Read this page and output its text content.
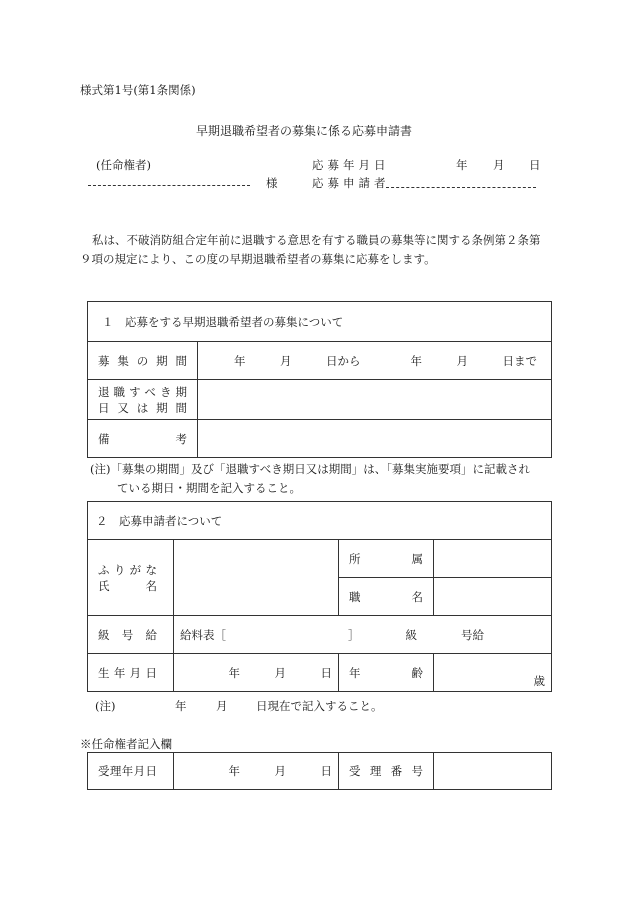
様式第1号(第1条関係)
早期退職希望者の募集に係る応募申請書
(任命権者)
様
応募年月日	年 月 日
応募申請者
私は、不破消防組合定年前に退職する意思を有する職員の募集等に関する条例第２条第
９項の規定により、この度の早期退職希望者の募集に応募をします。
１　応募をする早期退職希望者の募集について	

募集の期間	年　　　月　　　日から 年　　　月　　　日まで

退職すべき期
日又は期間	

備　　考	

(注)「募集の期間」及び「退職すべき期日又は期間」は、「募集実施要項」に記載され
ている期日・期間を記入すること。
２　応募申請者について			

ふりがな
氏　　名		所　　属	

		職　　名	

級号給	給料表［ ］ 級 号給		

生年月日	年　　　月　　　日	年　　齢	歳
(注)	年	月 日現在で記入すること。
※任命権者記入欄
受理年月日	年　　　月　　　日	受理番号
